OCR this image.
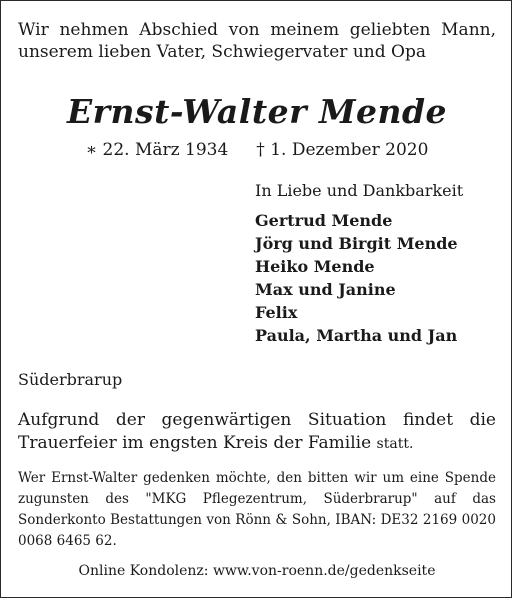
Wir nehmen Abschied von meinem geliebten Mann, unserem lieben Vater, Schwiegervater und Opa

Ernst-Walter Mende

∗ 22. März 1934 † 1. Dezember 2020

In Liebe und Dankbarkeit

Gertrud Mende
Jörg und Birgit Mende
Heiko Mende
Max und Janine
Felix
Paula, Martha und Jan

Süderbrarup

Aufgrund der gegenwärtigen Situation findet die Trauerfeier im engsten Kreis der Familie statt.

Wer Ernst-Walter gedenken möchte, den bitten wir um eine Spende zugunsten des "MKG Pflegezentrum, Süderbrarup" auf das Sonderkonto Bestattungen von Rönn & Sohn, IBAN: DE32 2169 0020 0068 6465 62.

Online Kondolenz: www.von-roenn.de/gedenkseite
